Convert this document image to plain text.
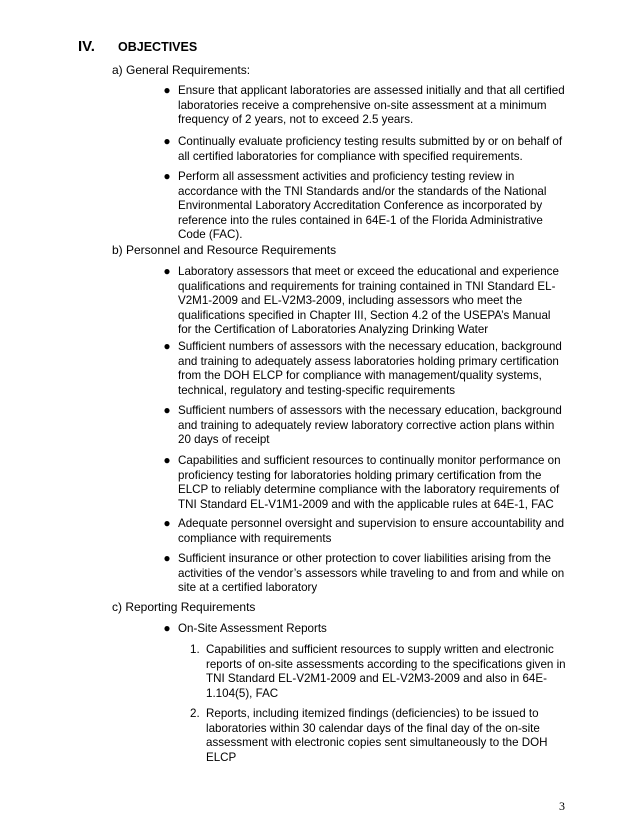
IV. OBJECTIVES
a) General Requirements:
● Ensure that applicant laboratories are assessed initially and that all certified
laboratories receive a comprehensive on-site assessment at a minimum
frequency of 2 years, not to exceed 2.5 years.
● Continually evaluate proficiency testing results submitted by or on behalf of
all certified laboratories for compliance with specified requirements.
● Perform all assessment activities and proficiency testing review in
accordance with the TNI Standards and/or the standards of the National
Environmental Laboratory Accreditation Conference as incorporated by
reference into the rules contained in 64E-1 of the Florida Administrative
Code (FAC).
b) Personnel and Resource Requirements
● Laboratory assessors that meet or exceed the educational and experience
qualifications and requirements for training contained in TNI Standard EL-
V2M1-2009 and EL-V2M3-2009, including assessors who meet the
qualifications specified in Chapter III, Section 4.2 of the USEPA’s Manual
for the Certification of Laboratories Analyzing Drinking Water
● Sufficient numbers of assessors with the necessary education, background
and training to adequately assess laboratories holding primary certification
from the DOH ELCP for compliance with management/quality systems,
technical, regulatory and testing-specific requirements
● Sufficient numbers of assessors with the necessary education, background
and training to adequately review laboratory corrective action plans within
20 days of receipt
● Capabilities and sufficient resources to continually monitor performance on
proficiency testing for laboratories holding primary certification from the
ELCP to reliably determine compliance with the laboratory requirements of
TNI Standard EL-V1M1-2009 and with the applicable rules at 64E-1, FAC
● Adequate personnel oversight and supervision to ensure accountability and
compliance with requirements
● Sufficient insurance or other protection to cover liabilities arising from the
activities of the vendor’s assessors while traveling to and from and while on
site at a certified laboratory
c) Reporting Requirements
● On-Site Assessment Reports
1. Capabilities and sufficient resources to supply written and electronic
reports of on-site assessments according to the specifications given in
TNI Standard EL-V2M1-2009 and EL-V2M3-2009 and also in 64E-
1.104(5), FAC
2. Reports, including itemized findings (deficiencies) to be issued to
laboratories within 30 calendar days of the final day of the on-site
assessment with electronic copies sent simultaneously to the DOH
ELCP
3
